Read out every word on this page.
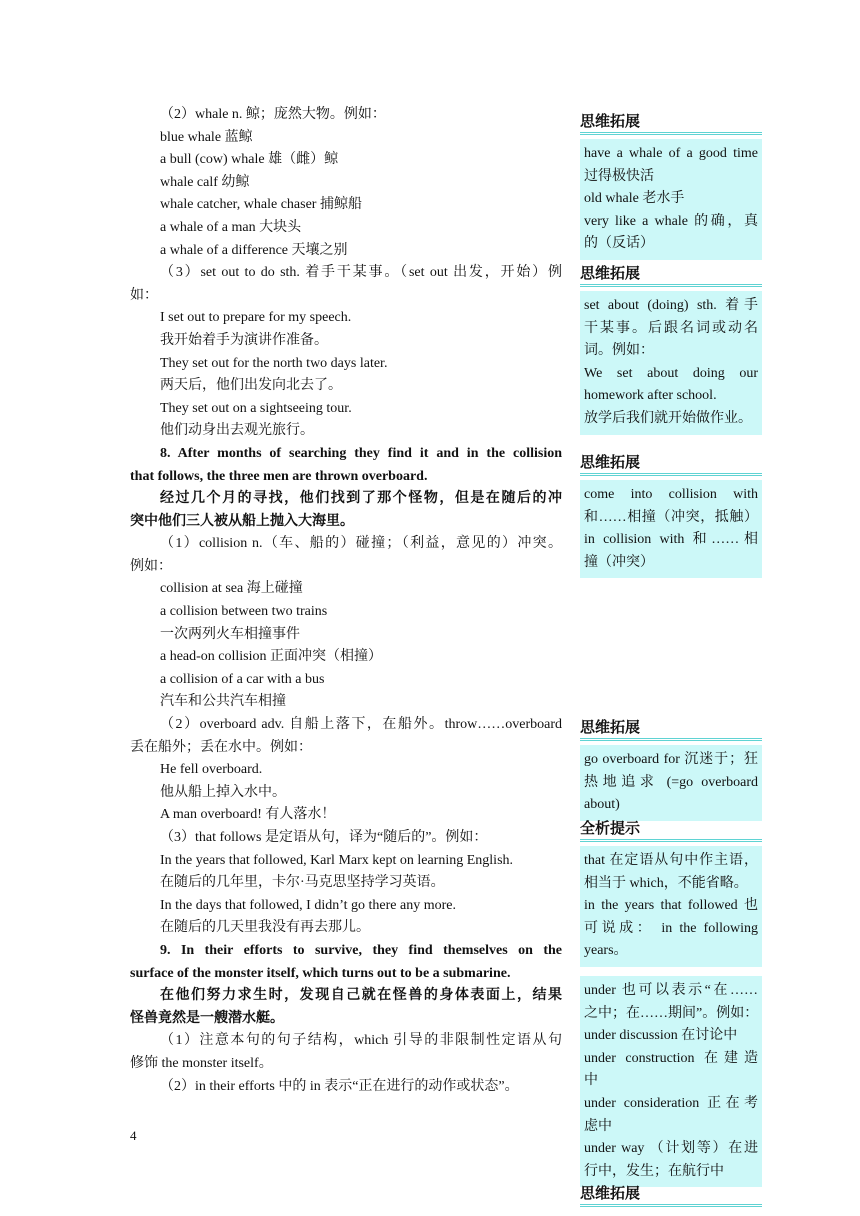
（2）whale n. 鲸；庞然大物。例如：
blue whale 蓝鲸
a bull (cow) whale 雄（雌）鲸
whale calf 幼鲸
whale catcher, whale chaser 捕鲸船
a whale of a man 大块头
a whale of a difference 天壤之别
（3）set out to do sth. 着手干某事。（set out 出发，开始）例
如：
I set out to prepare for my speech.
我开始着手为演讲作准备。
They set out for the north two days later.
两天后，他们出发向北去了。
They set out on a sightseeing tour.
他们动身出去观光旅行。
8. After months of searching they find it and in the collision
that follows, the three men are thrown overboard.
经过几个月的寻找，他们找到了那个怪物，但是在随后的冲
突中他们三人被从船上抛入大海里。
（1）collision n.（车、船的）碰撞；（利益，意见的）冲突。
例如：
collision at sea 海上碰撞
a collision between two trains
一次两列火车相撞事件
a head-on collision 正面冲突（相撞）
a collision of a car with a bus
汽车和公共汽车相撞
（2）overboard adv. 自船上落下，在船外。throw……overboard
丢在船外；丢在水中。例如：
He fell overboard.
他从船上掉入水中。
A man overboard! 有人落水！
（3）that follows 是定语从句，译为“随后的”。例如：
In the years that followed, Karl Marx kept on learning English.
在随后的几年里，卡尔·马克思坚持学习英语。
In the days that followed, I didn’t go there any more.
在随后的几天里我没有再去那儿。
9. In their efforts to survive, they find themselves on the
surface of the monster itself, which turns out to be a submarine.
在他们努力求生时，发现自己就在怪兽的身体表面上，结果
怪兽竟然是一艘潜水艇。
（1）注意本句的句子结构，which 引导的非限制性定语从句
修饰 the monster itself。
（2）in their efforts 中的 in 表示“正在进行的动作或状态”。
4
思维拓展
have a whale of a good time
过得极快活
old whale 老水手
very like a whale 的确，真
的（反话）
思维拓展
set about (doing) sth. 着手
干某事。后跟名词或动名
词。例如：
We set about doing our
homework after school.
放学后我们就开始做作业。
思维拓展
come into collision with
和……相撞（冲突，抵触）
in collision with 和……相
撞（冲突）
思维拓展
go overboard for 沉迷于；狂
热地追求 (=go overboard
about)
全析提示
that 在定语从句中作主语，
相当于 which，不能省略。
in the years that followed 也
可说成： in the following
years。
under 也可以表示“在……
之中；在……期间”。例如：
under discussion 在讨论中
under construction 在建造
中
under consideration 正在考
虑中
under way （计划等）在进
行中，发生；在航行中
思维拓展
